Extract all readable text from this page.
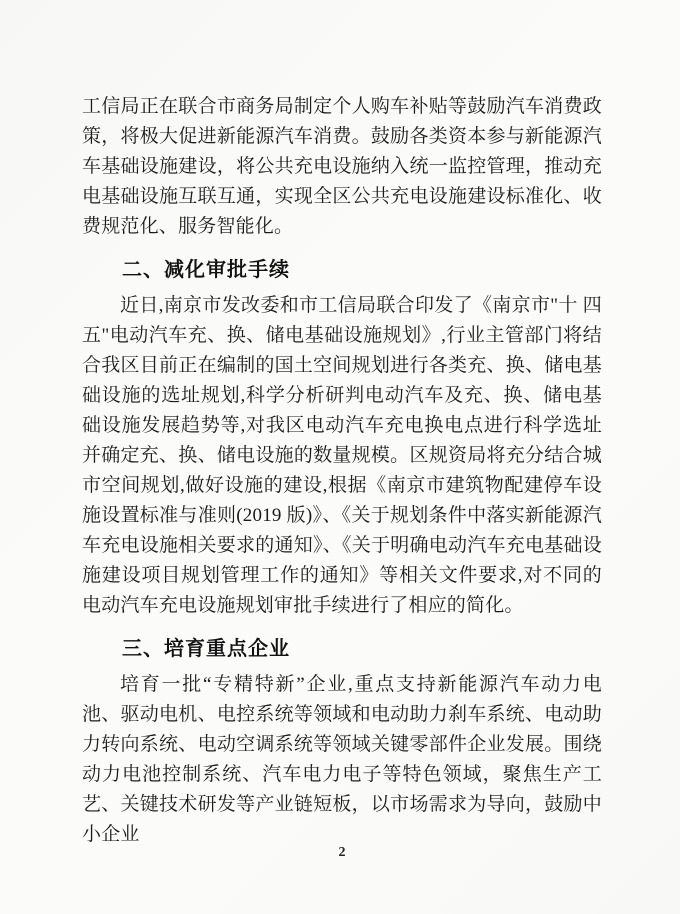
工信局正在联合市商务局制定个人购车补贴等鼓励汽车消费政策，将极大促进新能源汽车消费。鼓励各类资本参与新能源汽车基础设施建设，将公共充电设施纳入统一监控管理，推动充电基础设施互联互通，实现全区公共充电设施建设标准化、收费规范化、服务智能化。

二、减化审批手续

近日,南京市发改委和市工信局联合印发了《南京市"十 四五"电动汽车充、换、储电基础设施规划》,行业主管部门将结合我区目前正在编制的国土空间规划进行各类充、换、储电基础设施的选址规划,科学分析研判电动汽车及充、换、储电基础设施发展趋势等,对我区电动汽车充电换电点进行科学选址并确定充、换、储电设施的数量规模。区规资局将充分结合城市空间规划,做好设施的建设,根据《南京市建筑物配建停车设施设置标准与准则(2019 版)》、《关于规划条件中落实新能源汽车充电设施相关要求的通知》、《关于明确电动汽车充电基础设施建设项目规划管理工作的通知》等相关文件要求,对不同的电动汽车充电设施规划审批手续进行了相应的简化。

三、培育重点企业

培育一批“专精特新”企业,重点支持新能源汽车动力电池、驱动电机、电控系统等领域和电动助力刹车系统、电动助力转向系统、电动空调系统等领域关键零部件企业发展。围绕动力电池控制系统、汽车电力电子等特色领域，聚焦生产工艺、关键技术研发等产业链短板，以市场需求为导向，鼓励中小企业

2
